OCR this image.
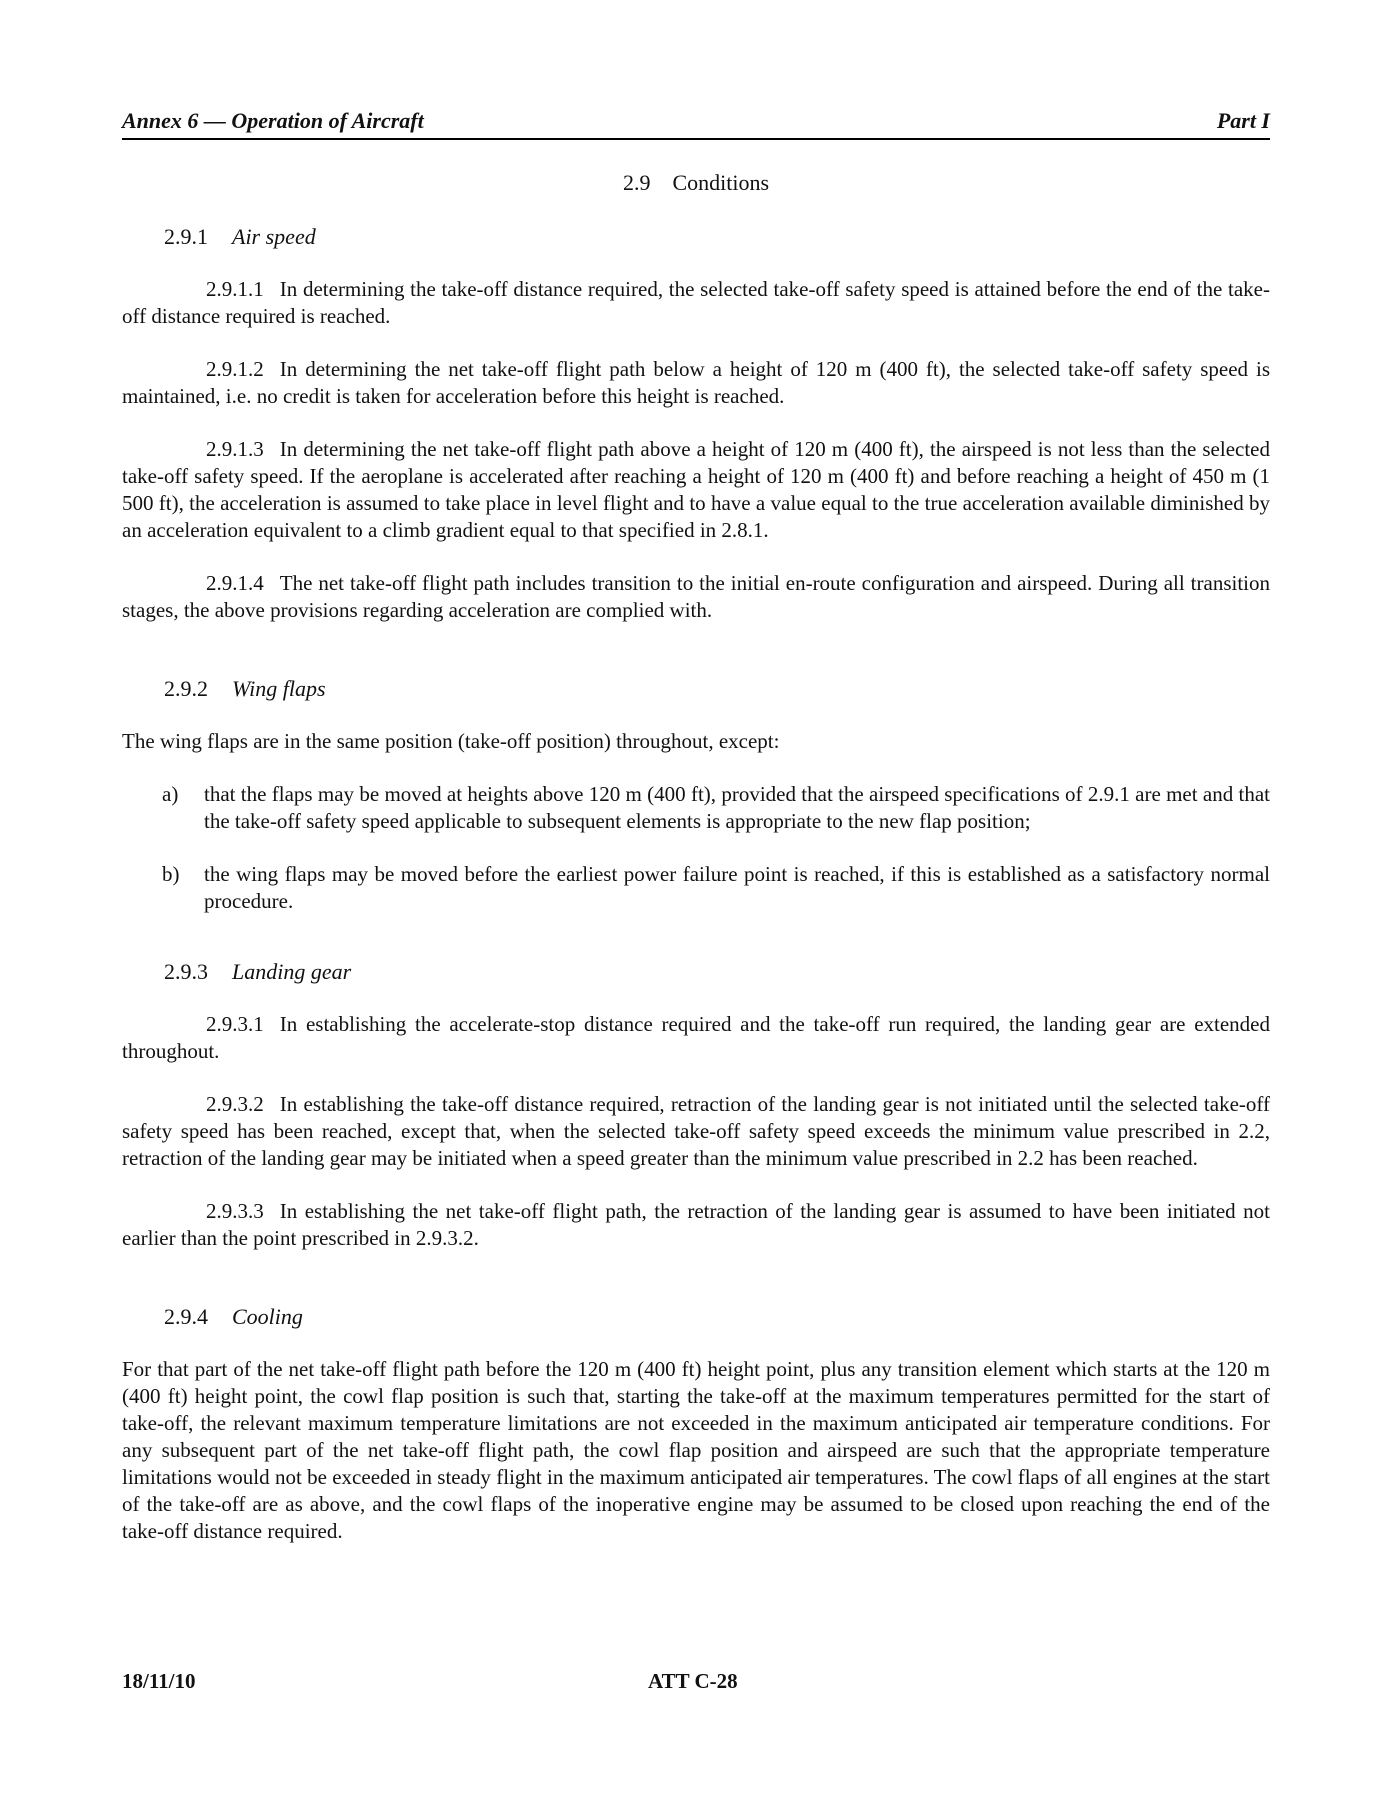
Annex 6 — Operation of Aircraft	Part I
2.9 Conditions
2.9.1 Air speed

2.9.1.1 In determining the take-off distance required, the selected take-off safety speed is attained before the end of the take-off distance required is reached.

2.9.1.2 In determining the net take-off flight path below a height of 120 m (400 ft), the selected take-off safety speed is maintained, i.e. no credit is taken for acceleration before this height is reached.

2.9.1.3 In determining the net take-off flight path above a height of 120 m (400 ft), the airspeed is not less than the selected take-off safety speed. If the aeroplane is accelerated after reaching a height of 120 m (400 ft) and before reaching a height of 450 m (1 500 ft), the acceleration is assumed to take place in level flight and to have a value equal to the true acceleration available diminished by an acceleration equivalent to a climb gradient equal to that specified in 2.8.1.

2.9.1.4 The net take-off flight path includes transition to the initial en-route configuration and airspeed. During all transition stages, the above provisions regarding acceleration are complied with.

2.9.2 Wing flaps

The wing flaps are in the same position (take-off position) throughout, except:

a) that the flaps may be moved at heights above 120 m (400 ft), provided that the airspeed specifications of 2.9.1 are met and that the take-off safety speed applicable to subsequent elements is appropriate to the new flap position;
b) the wing flaps may be moved before the earliest power failure point is reached, if this is established as a satisfactory normal procedure.
2.9.3 Landing gear

2.9.3.1 In establishing the accelerate-stop distance required and the take-off run required, the landing gear are extended throughout.

2.9.3.2 In establishing the take-off distance required, retraction of the landing gear is not initiated until the selected take-off safety speed has been reached, except that, when the selected take-off safety speed exceeds the minimum value prescribed in 2.2, retraction of the landing gear may be initiated when a speed greater than the minimum value prescribed in 2.2 has been reached.

2.9.3.3 In establishing the net take-off flight path, the retraction of the landing gear is assumed to have been initiated not earlier than the point prescribed in 2.9.3.2.

2.9.4 Cooling

For that part of the net take-off flight path before the 120 m (400 ft) height point, plus any transition element which starts at the 120 m (400 ft) height point, the cowl flap position is such that, starting the take-off at the maximum temperatures permitted for the start of take-off, the relevant maximum temperature limitations are not exceeded in the maximum anticipated air temperature conditions. For any subsequent part of the net take-off flight path, the cowl flap position and airspeed are such that the appropriate temperature limitations would not be exceeded in steady flight in the maximum anticipated air temperatures. The cowl flaps of all engines at the start of the take-off are as above, and the cowl flaps of the inoperative engine may be assumed to be closed upon reaching the end of the take-off distance required.

18/11/10	ATT C-28
